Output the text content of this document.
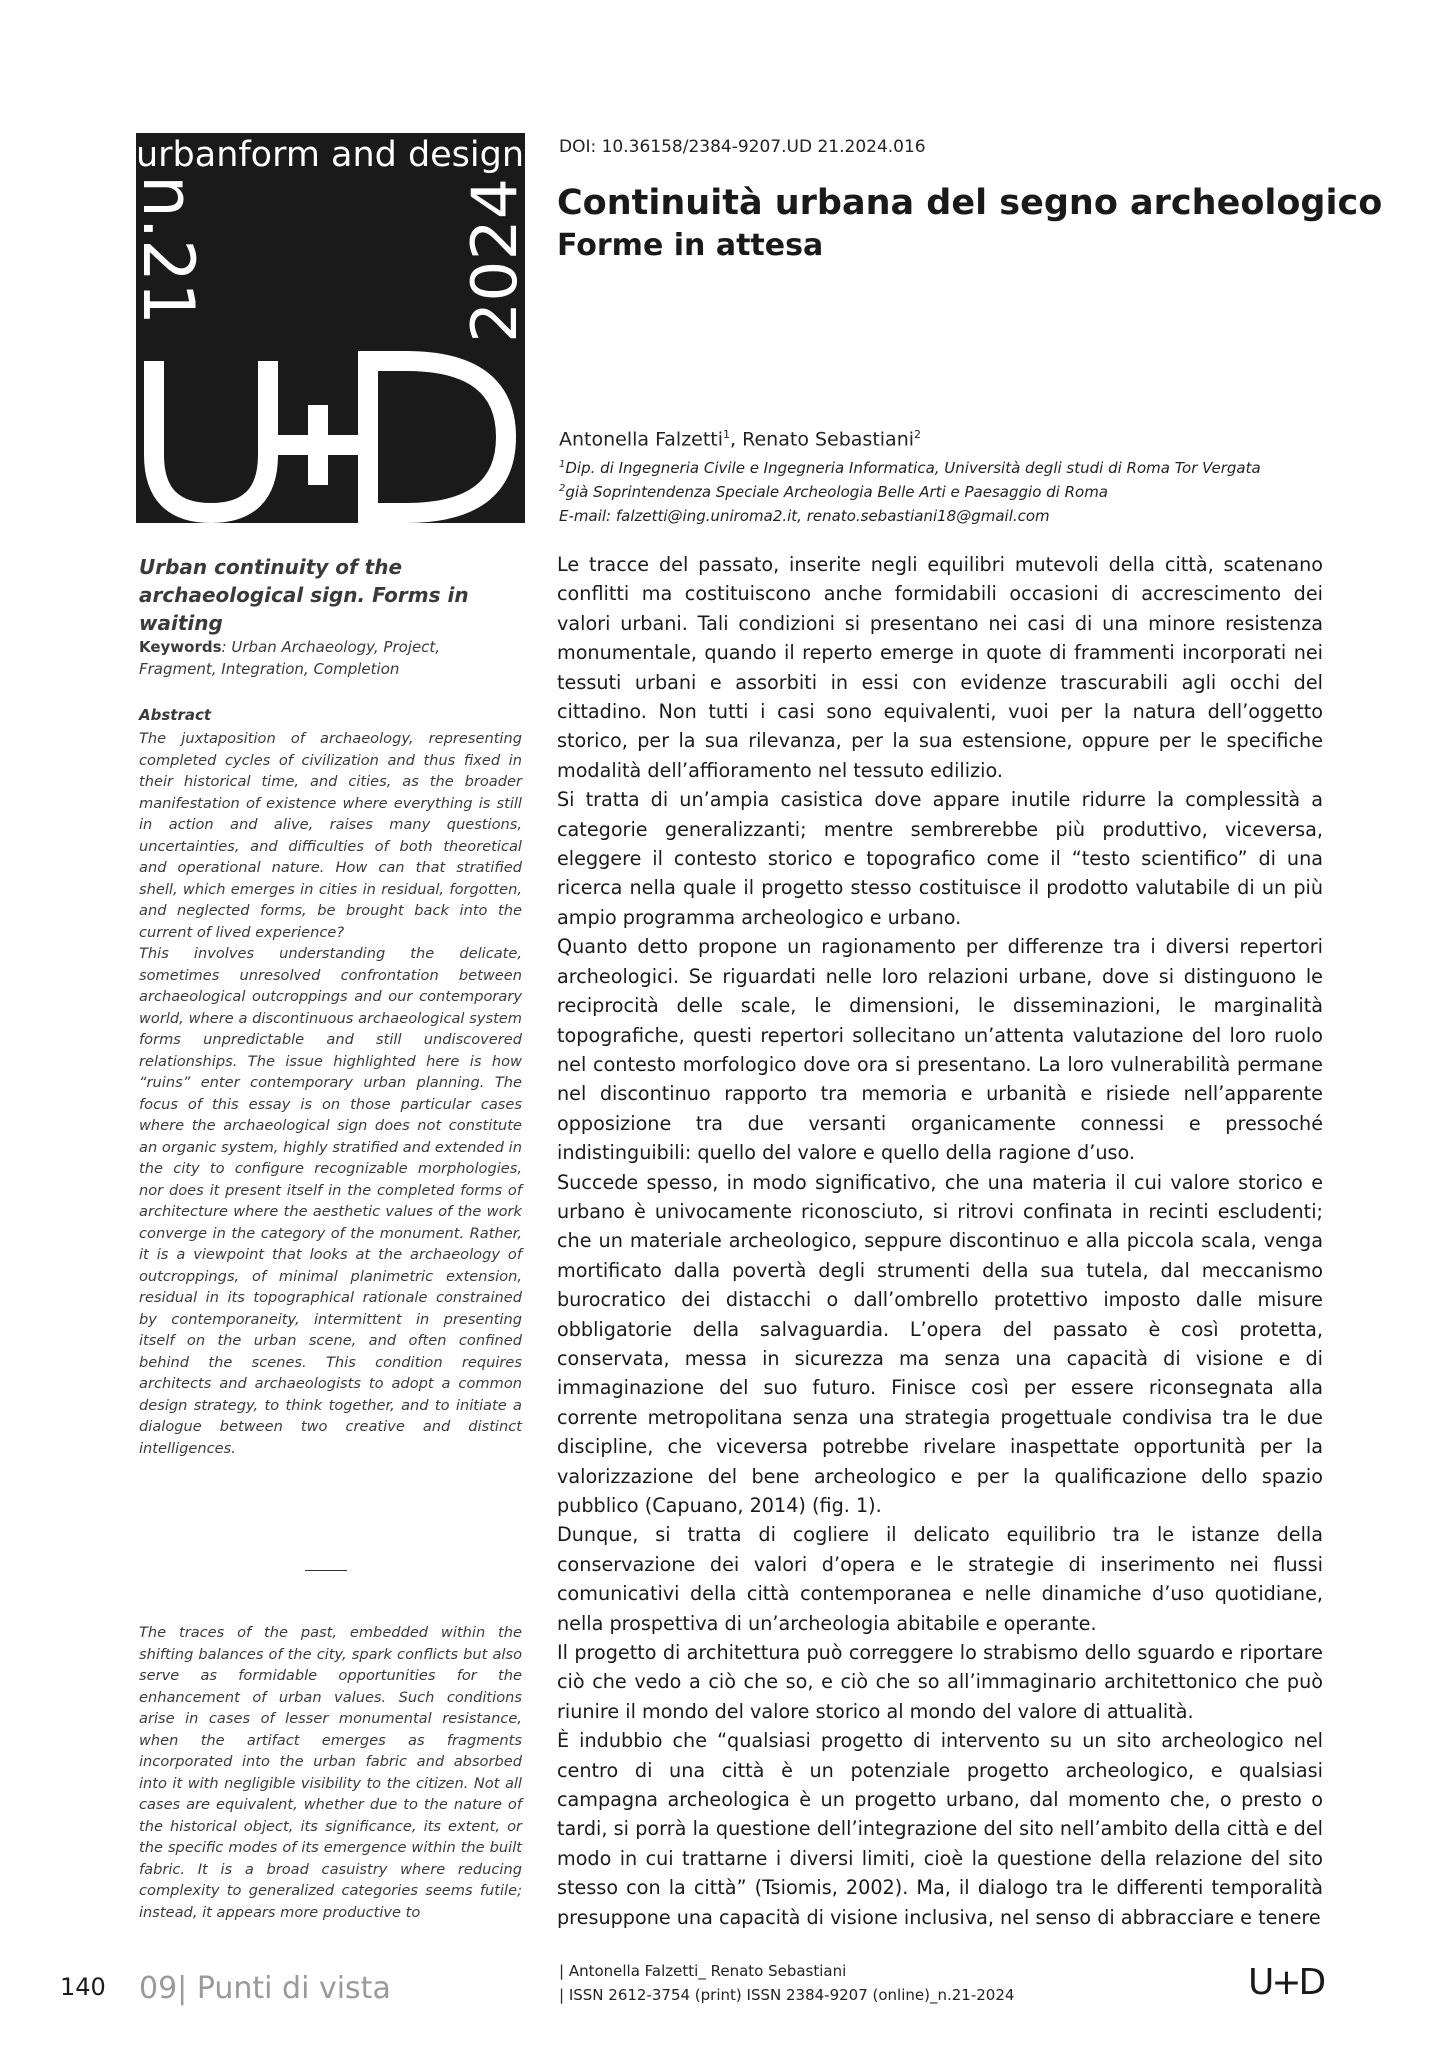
urbanform and design
n.21	2024
DOI: 10.36158/2384-9207.UD 21.2024.016
Continuità urbana del segno archeologico
Forme in attesa
Antonella Falzetti$^1$, Renato Sebastiani$^2$
$^1$Dip. di Ingegneria Civile e Ingegneria Informatica, Università degli studi di Roma Tor Vergata
$^2$già Soprintendenza Speciale Archeologia Belle Arti e Paesaggio di Roma
E-mail: falzetti@ing.uniroma2.it, renato.sebastiani18@gmail.com
Urban continuity of the archaeological sign. Forms in waiting
Keywords: Urban Archaeology, Project, Fragment, Integration, Completion
Abstract

The juxtaposition of archaeology, representing completed cycles of civilization and thus fixed in their historical time, and cities, as the broader manifestation of existence where everything is still in action and alive, raises many questions, uncertainties, and difficulties of both theoretical and operational nature. How can that stratified shell, which emerges in cities in residual, forgotten, and neglected forms, be brought back into the current of lived experience?

This involves understanding the delicate, sometimes unresolved confrontation between archaeological outcroppings and our contemporary world, where a discontinuous archaeological system forms unpredictable and still undiscovered relationships. The issue highlighted here is how “ruins” enter contemporary urban planning. The focus of this essay is on those particular cases where the archaeological sign does not constitute an organic system, highly stratified and extended in the city to configure recognizable morphologies, nor does it present itself in the completed forms of architecture where the aesthetic values of the work converge in the category of the monument. Rather, it is a viewpoint that looks at the archaeology of outcroppings, of minimal planimetric extension, residual in its topographical rationale constrained by contemporaneity, intermittent in presenting itself on the urban scene, and often confined behind the scenes. This condition requires architects and archaeologists to adopt a common design strategy, to think together, and to initiate a dialogue between two creative and distinct intelligences.

The traces of the past, embedded within the shifting balances of the city, spark conflicts but also serve as formidable opportunities for the enhancement of urban values. Such conditions arise in cases of lesser monumental resistance, when the artifact emerges as fragments incorporated into the urban fabric and absorbed into it with negligible visibility to the citizen. Not all cases are equivalent, whether due to the nature of the historical object, its significance, its extent, or the specific modes of its emergence within the built fabric. It is a broad casuistry where reducing complexity to generalized categories seems futile; instead, it appears more productive to

Le tracce del passato, inserite negli equilibri mutevoli della città, scatenano conflitti ma costituiscono anche formidabili occasioni di accrescimento dei valori urbani. Tali condizioni si presentano nei casi di una minore resistenza monumentale, quando il reperto emerge in quote di frammenti incorporati nei tessuti urbani e assorbiti in essi con evidenze trascurabili agli occhi del cittadino. Non tutti i casi sono equivalenti, vuoi per la natura dell’oggetto storico, per la sua rilevanza, per la sua estensione, oppure per le specifiche modalità dell’affioramento nel tessuto edilizio.

Si tratta di un’ampia casistica dove appare inutile ridurre la complessità a categorie generalizzanti; mentre sembrerebbe più produttivo, viceversa, eleggere il contesto storico e topografico come il “testo scientifico” di una ricerca nella quale il progetto stesso costituisce il prodotto valutabile di un più ampio programma archeologico e urbano.

Quanto detto propone un ragionamento per differenze tra i diversi repertori archeologici. Se riguardati nelle loro relazioni urbane, dove si distinguono le reciprocità delle scale, le dimensioni, le disseminazioni, le marginalità topografiche, questi repertori sollecitano un’attenta valutazione del loro ruolo nel contesto morfologico dove ora si presentano. La loro vulnerabilità permane nel discontinuo rapporto tra memoria e urbanità e risiede nell’apparente opposizione tra due versanti organicamente connessi e pressoché indistinguibili: quello del valore e quello della ragione d’uso.

Succede spesso, in modo significativo, che una materia il cui valore storico e urbano è univocamente riconosciuto, si ritrovi confinata in recinti escludenti; che un materiale archeologico, seppure discontinuo e alla piccola scala, venga mortificato dalla povertà degli strumenti della sua tutela, dal meccanismo burocratico dei distacchi o dall’ombrello protettivo imposto dalle misure obbligatorie della salvaguardia. L’opera del passato è così protetta, conservata, messa in sicurezza ma senza una capacità di visione e di immaginazione del suo futuro. Finisce così per essere riconsegnata alla corrente metropolitana senza una strategia progettuale condivisa tra le due discipline, che viceversa potrebbe rivelare inaspettate opportunità per la valorizzazione del bene archeologico e per la qualificazione dello spazio pubblico (Capuano, 2014) (fig. 1).

Dunque, si tratta di cogliere il delicato equilibrio tra le istanze della conservazione dei valori d’opera e le strategie di inserimento nei flussi comunicativi della città contemporanea e nelle dinamiche d’uso quotidiane, nella prospettiva di un’archeologia abitabile e operante.

Il progetto di architettura può correggere lo strabismo dello sguardo e riportare ciò che vedo a ciò che so, e ciò che so all’immaginario architettonico che può riunire il mondo del valore storico al mondo del valore di attualità.

È indubbio che “qualsiasi progetto di intervento su un sito archeologico nel centro di una città è un potenziale progetto archeologico, e qualsiasi campagna archeologica è un progetto urbano, dal momento che, o presto o tardi, si porrà la questione dell’integrazione del sito nell’ambito della città e del modo in cui trattarne i diversi limiti, cioè la questione della relazione del sito stesso con la città” (Tsiomis, 2002). Ma, il dialogo tra le differenti temporalità presuppone una capacità di visione inclusiva, nel senso di abbracciare e tenere

140 09| Punti di vista	| Antonella Falzetti_ Renato Sebastiani
| ISSN 2612-3754 (print) ISSN 2384-9207 (online)_n.21-2024	U+D
